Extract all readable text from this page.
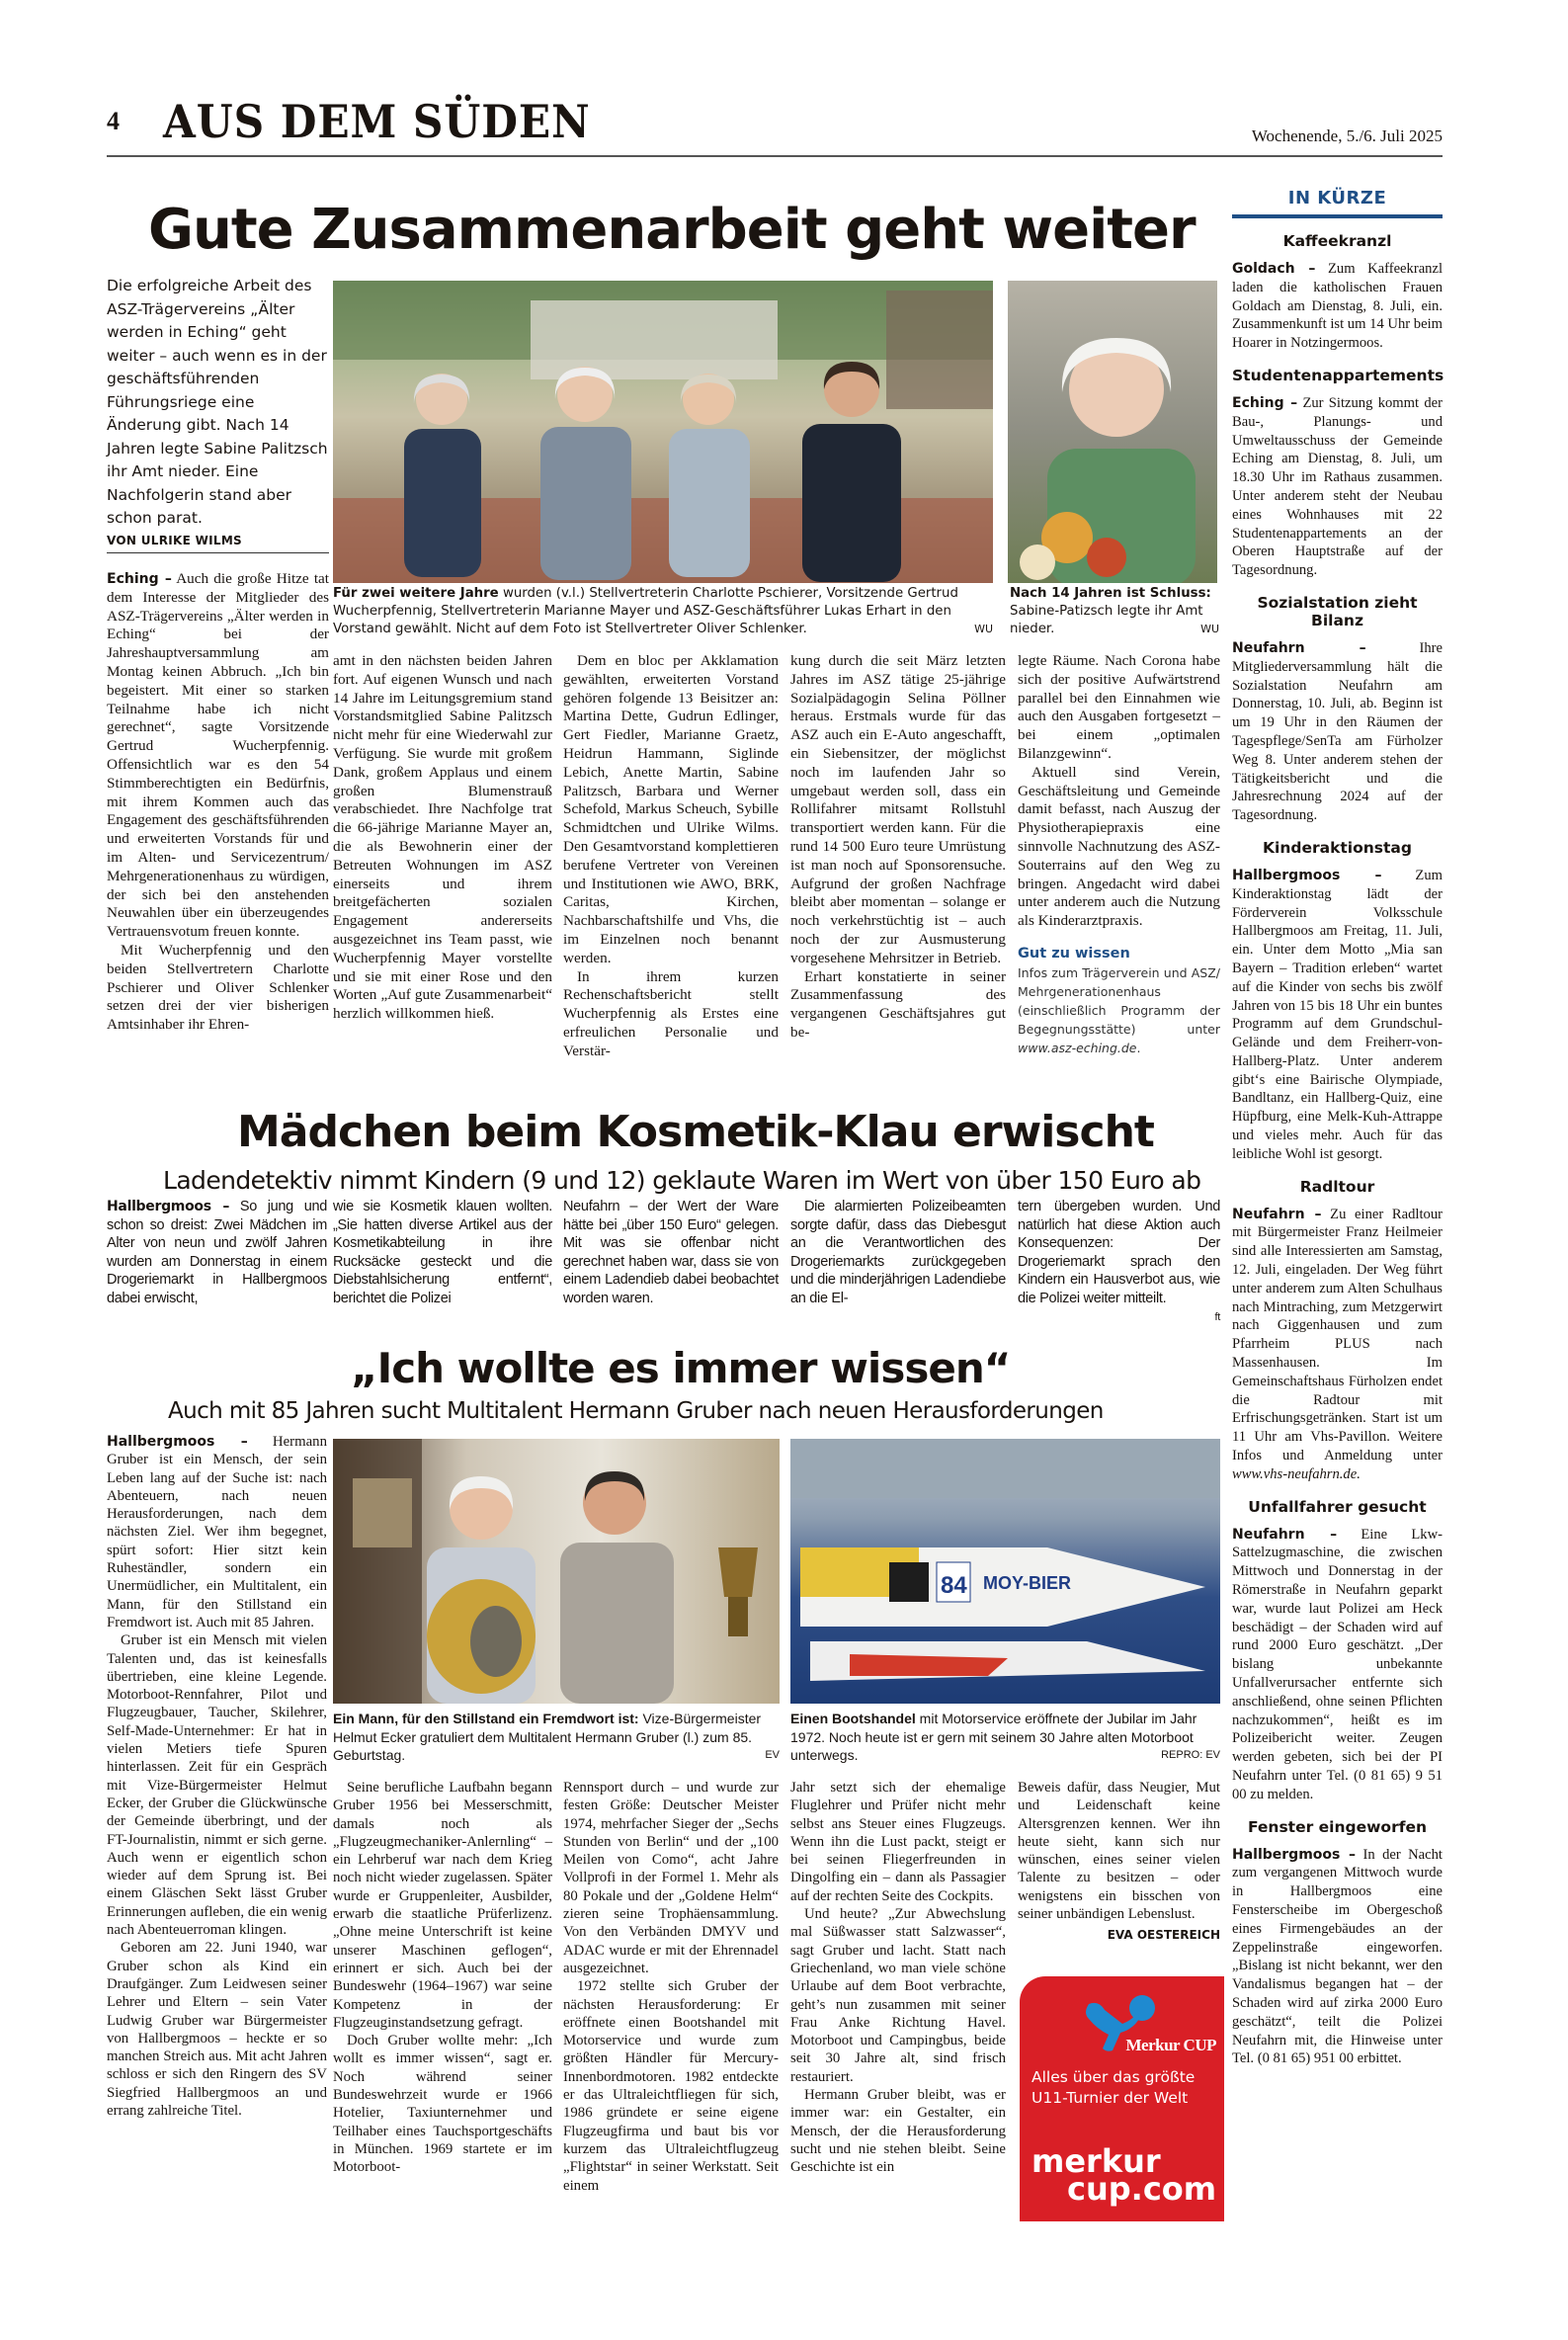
4 AUS DEM SÜDEN	Wochenende, 5./6. Juli 2025
Gute Zusammenarbeit geht weiter
Die erfolgreiche Arbeit des ASZ-Trägervereins „Älter werden in Eching“ geht weiter – auch wenn es in der geschäftsführenden Führungsriege eine Änderung gibt. Nach 14 Jahren legte Sabine Palitzsch ihr Amt nieder. Eine Nachfolgerin stand aber schon parat.
VON ULRIKE WILMS
Für zwei weitere Jahre wurden (v.l.) Stellvertreterin Charlotte Pschierer, Vorsitzende Gertrud Wucherpfennig, Stellvertreterin Marianne Mayer und ASZ-Geschäftsführer Lukas Erhart in den Vorstand gewählt. Nicht auf dem Foto ist Stellvertreter Oliver Schlenker.	WU
Nach 14 Jahren ist Schluss: Sabine-Patizsch legte ihr Amt nieder.	WU

Eching – Auch die große Hitze tat dem Interesse der Mitglieder des ASZ-Trägervereins „Älter werden in Eching“ bei der Jahreshauptversammlung am Montag keinen Abbruch. „Ich bin begeistert. Mit einer so starken Teilnahme habe ich nicht gerechnet“, sagte Vorsitzende Gertrud Wucherpfennig. Offensichtlich war es den 54 Stimmberechtigten ein Bedürfnis, mit ihrem Kommen auch das Engagement des geschäftsführenden und erweiterten Vorstands für und im Alten- und Servicezentrum/ Mehrgenerationenhaus zu würdigen, der sich bei den anstehenden Neuwahlen über ein überzeugendes Vertrauensvotum freuen konnte.

Mit Wucherpfennig und den beiden Stellvertretern Charlotte Pschierer und Oliver Schlenker setzen drei der vier bisherigen Amtsinhaber ihr Ehren-

amt in den nächsten beiden Jahren fort. Auf eigenen Wunsch und nach 14 Jahre im Leitungsgremium stand Vorstandsmitglied Sabine Palitzsch nicht mehr für eine Wiederwahl zur Verfügung. Sie wurde mit großem Dank, großem Applaus und einem großen Blumenstrauß verabschiedet. Ihre Nachfolge trat die 66-jährige Marianne Mayer an, die als Bewohnerin einer der Betreuten Wohnungen im ASZ einerseits und ihrem breitgefächerten sozialen Engagement andererseits ausgezeichnet ins Team passt, wie Wucherpfennig Mayer vorstellte und sie mit einer Rose und den Worten „Auf gute Zusammenarbeit“ herzlich willkommen hieß.

Dem en bloc per Akklamation gewählten, erweiterten Vorstand gehören folgende 13 Beisitzer an: Martina Dette, Gudrun Edlinger, Gert Fiedler, Marianne Graetz, Heidrun Hammann, Siglinde Lebich, Anette Martin, Sabine Palitzsch, Barbara und Werner Schefold, Markus Scheuch, Sybille Schmidtchen und Ulrike Wilms. Den Gesamtvorstand komplettieren berufene Vertreter von Vereinen und Institutionen wie AWO, BRK, Caritas, Kirchen, Nachbarschaftshilfe und Vhs, die im Einzelnen noch benannt werden.

In ihrem kurzen Rechenschaftsbericht stellt Wucherpfennig als Erstes eine erfreulichen Personalie und Verstär-

kung durch die seit März letzten Jahres im ASZ tätige 25-jährige Sozialpädagogin Selina Pöllner heraus. Erstmals wurde für das ASZ auch ein E-Auto angeschafft, ein Siebensitzer, der möglichst noch im laufenden Jahr so umgebaut werden soll, dass ein Rollifahrer mitsamt Rollstuhl transportiert werden kann. Für die rund 14 500 Euro teure Umrüstung ist man noch auf Sponsorensuche. Aufgrund der großen Nachfrage bleibt aber momentan – solange er noch verkehrstüchtig ist – auch noch der zur Ausmusterung vorgesehene Mehrsitzer in Betrieb.

Erhart konstatierte in seiner Zusammenfassung des vergangenen Geschäftsjahres gut be-

legte Räume. Nach Corona habe sich der positive Aufwärtstrend parallel bei den Einnahmen wie auch den Ausgaben fortgesetzt – bei einem „optimalen Bilanzgewinn“.

Aktuell sind Verein, Geschäftsleitung und Gemeinde damit befasst, nach Auszug der Physiotherapiepraxis eine sinnvolle Nachnutzung des ASZ-Souterrains auf den Weg zu bringen. Angedacht wird dabei unter anderem auch die Nutzung als Kinderarztpraxis.

Gut zu wissen
Infos zum Trägerverein und ASZ/ Mehrgenerationenhaus (einschließlich Programm der Begegnungsstätte) unter www.asz-eching.de.
Mädchen beim Kosmetik-Klau erwischt
Ladendetektiv nimmt Kindern (9 und 12) geklaute Waren im Wert von über 150 Euro ab

Hallbergmoos – So jung und schon so dreist: Zwei Mädchen im Alter von neun und zwölf Jahren wurden am Donnerstag in einem Drogeriemarkt in Hallbergmoos dabei erwischt,

wie sie Kosmetik klauen wollten. „Sie hatten diverse Artikel aus der Kosmetikabteilung in ihre Rucksäcke gesteckt und die Diebstahlsicherung entfernt“, berichtet die Polizei

Neufahrn – der Wert der Ware hätte bei „über 150 Euro“ gelegen. Mit was sie offenbar nicht gerechnet haben war, dass sie von einem Ladendieb dabei beobachtet worden waren.

Die alarmierten Polizeibeamten sorgte dafür, dass das Diebesgut an die Verantwortlichen des Drogeriemarkts zurückgegeben und die minderjährigen Ladendiebe an die El-

tern übergeben wurden. Und natürlich hat diese Aktion auch Konsequenzen: Der Drogeriemarkt sprach den Kindern ein Hausverbot aus, wie die Polizei weiter mitteilt.

ft
„Ich wollte es immer wissen“
Auch mit 85 Jahren sucht Multitalent Hermann Gruber nach neuen Herausforderungen

Hallbergmoos – Hermann Gruber ist ein Mensch, der sein Leben lang auf der Suche ist: nach Abenteuern, nach neuen Herausforderungen, nach dem nächsten Ziel. Wer ihm begegnet, spürt sofort: Hier sitzt kein Ruheständler, sondern ein Unermüdlicher, ein Multitalent, ein Mann, für den Stillstand ein Fremdwort ist. Auch mit 85 Jahren.

Gruber ist ein Mensch mit vielen Talenten und, das ist keinesfalls übertrieben, eine kleine Legende. Motorboot-Rennfahrer, Pilot und Flugzeugbauer, Taucher, Skilehrer, Self-Made-Unternehmer: Er hat in vielen Metiers tiefe Spuren hinterlassen. Zeit für ein Gespräch mit Vize-Bürgermeister Helmut Ecker, der Gruber die Glückwünsche der Gemeinde überbringt, und der FT-Journalistin, nimmt er sich gerne. Auch wenn er eigentlich schon wieder auf dem Sprung ist. Bei einem Gläschen Sekt lässt Gruber Erinnerungen aufleben, die ein wenig nach Abenteuerroman klingen.

Geboren am 22. Juni 1940, war Gruber schon als Kind ein Draufgänger. Zum Leidwesen seiner Lehrer und Eltern – sein Vater Ludwig Gruber war Bürgermeister von Hallbergmoos – heckte er so manchen Streich aus. Mit acht Jahren schloss er sich den Ringern des SV Siegfried Hallbergmoos an und errang zahlreiche Titel.

Ein Mann, für den Stillstand ein Fremdwort ist: Vize-Bürgermeister Helmut Ecker gratuliert dem Multitalent Hermann Gruber (l.) zum 85. Geburtstag.	EV
84 MOY-BIER
Einen Bootshandel mit Motorservice eröffnete der Jubilar im Jahr 1972. Noch heute ist er gern mit seinem 30 Jahre alten Motorboot unterwegs.	REPRO: EV

Seine berufliche Laufbahn begann Gruber 1956 bei Messerschmitt, damals noch als „Flugzeugmechaniker-Anlernling“ – ein Lehrberuf war nach dem Krieg noch nicht wieder zugelassen. Später wurde er Gruppenleiter, Ausbilder, erwarb die staatliche Prüferlizenz. „Ohne meine Unterschrift ist keine unserer Maschinen geflogen“, erinnert er sich. Auch bei der Bundeswehr (1964–1967) war seine Kompetenz in der Flugzeuginstandsetzung gefragt.

Doch Gruber wollte mehr: „Ich wollt es immer wissen“, sagt er. Noch während seiner Bundeswehrzeit wurde er 1966 Hotelier, Taxiunternehmer und Teilhaber eines Tauchsportgeschäfts in München. 1969 startete er im Motorboot-

Rennsport durch – und wurde zur festen Größe: Deutscher Meister 1974, mehrfacher Sieger der „Sechs Stunden von Berlin“ und der „100 Meilen von Como“, acht Jahre Vollprofi in der Formel 1. Mehr als 80 Pokale und der „Goldene Helm“ zieren seine Trophäensammlung. Von den Verbänden DMYV und ADAC wurde er mit der Ehrennadel ausgezeichnet.

1972 stellte sich Gruber der nächsten Herausforderung: Er eröffnete einen Bootshandel mit Motorservice und wurde zum größten Händler für Mercury-Innenbordmotoren. 1982 entdeckte er das Ultraleichtfliegen für sich, 1986 gründete er seine eigene Flugzeugfirma und baut bis vor kurzem das Ultraleichtflugzeug „Flightstar“ in seiner Werkstatt. Seit einem

Jahr setzt sich der ehemalige Fluglehrer und Prüfer nicht mehr selbst ans Steuer eines Flugzeugs. Wenn ihn die Lust packt, steigt er bei seinen Fliegerfreunden in Dingolfing ein – dann als Passagier auf der rechten Seite des Cockpits.

Und heute? „Zur Abwechslung mal Süßwasser statt Salzwasser“, sagt Gruber und lacht. Statt nach Griechenland, wo man viele schöne Urlaube auf dem Boot verbrachte, geht’s nun zusammen mit seiner Frau Anke Richtung Havel. Motorboot und Campingbus, beide seit 30 Jahre alt, sind frisch restauriert.

Hermann Gruber bleibt, was er immer war: ein Gestalter, ein Mensch, der die Herausforderung sucht und nie stehen bleibt. Seine Geschichte ist ein

Beweis dafür, dass Neugier, Mut und Leidenschaft keine Altersgrenzen kennen. Wer ihn heute sieht, kann sich nur wünschen, eines seiner vielen Talente zu besitzen – oder wenigstens ein bisschen von seiner unbändigen Lebenslust.

EVA OESTEREICH
Merkur CUP
Alles über das größte U11-Turnier der Welt
merkur
cup.com
IN KÜRZE
Kaffeekranzl
Goldach – Zum Kaffeekranzl laden die katholischen Frauen Goldach am Dienstag, 8. Juli, ein. Zusammenkunft ist um 14 Uhr beim Hoarer in Notzingermoos.
Studentenappartements
Eching – Zur Sitzung kommt der Bau-, Planungs- und Umweltausschuss der Gemeinde Eching am Dienstag, 8. Juli, um 18.30 Uhr im Rathaus zusammen. Unter anderem steht der Neubau eines Wohnhauses mit 22 Studentenappartements an der Oberen Hauptstraße auf der Tagesordnung.
Sozialstation zieht Bilanz
Neufahrn – Ihre Mitgliederversammlung hält die Sozialstation Neufahrn am Donnerstag, 10. Juli, ab. Beginn ist um 19 Uhr in den Räumen der Tagespflege/SenTa am Fürholzer Weg 8. Unter anderem stehen der Tätigkeitsbericht und die Jahresrechnung 2024 auf der Tagesordnung.
Kinderaktionstag
Hallbergmoos – Zum Kinderaktionstag lädt der Förderverein Volksschule Hallbergmoos am Freitag, 11. Juli, ein. Unter dem Motto „Mia san Bayern – Tradition erleben“ wartet auf die Kinder von sechs bis zwölf Jahren von 15 bis 18 Uhr ein buntes Programm auf dem Grundschul-Gelände und dem Freiherr-von-Hallberg-Platz. Unter anderem gibt‘s eine Bairische Olympiade, Bandltanz, ein Hallberg-Quiz, eine Hüpfburg, eine Melk-Kuh-Attrappe und vieles mehr. Auch für das leibliche Wohl ist gesorgt.
Radltour
Neufahrn – Zu einer Radltour mit Bürgermeister Franz Heilmeier sind alle Interessierten am Samstag, 12. Juli, eingeladen. Der Weg führt unter anderem zum Alten Schulhaus nach Mintraching, zum Metzgerwirt nach Giggenhausen und zum Pfarrheim PLUS nach Massenhausen. Im Gemeinschaftshaus Fürholzen endet die Radtour mit Erfrischungsgetränken. Start ist um 11 Uhr am Vhs-Pavillon. Weitere Infos und Anmeldung unter www.vhs-neufahrn.de.
Unfallfahrer gesucht
Neufahrn – Eine Lkw-Sattelzugmaschine, die zwischen Mittwoch und Donnerstag in der Römerstraße in Neufahrn geparkt war, wurde laut Polizei am Heck beschädigt – der Schaden wird auf rund 2000 Euro geschätzt. „Der bislang unbekannte Unfallverursacher entfernte sich anschließend, ohne seinen Pflichten nachzukommen“, heißt es im Polizeibericht weiter. Zeugen werden gebeten, sich bei der PI Neufahrn unter Tel. (0 81 65) 9 51 00 zu melden.
Fenster eingeworfen
Hallbergmoos – In der Nacht zum vergangenen Mittwoch wurde in Hallbergmoos eine Fensterscheibe im Obergeschoß eines Firmengebäudes an der Zeppelinstraße eingeworfen. „Bislang ist nicht bekannt, wer den Vandalismus begangen hat – der Schaden wird auf zirka 2000 Euro geschätzt“, teilt die Polizei Neufahrn mit, die Hinweise unter Tel. (0 81 65) 951 00 erbittet.
